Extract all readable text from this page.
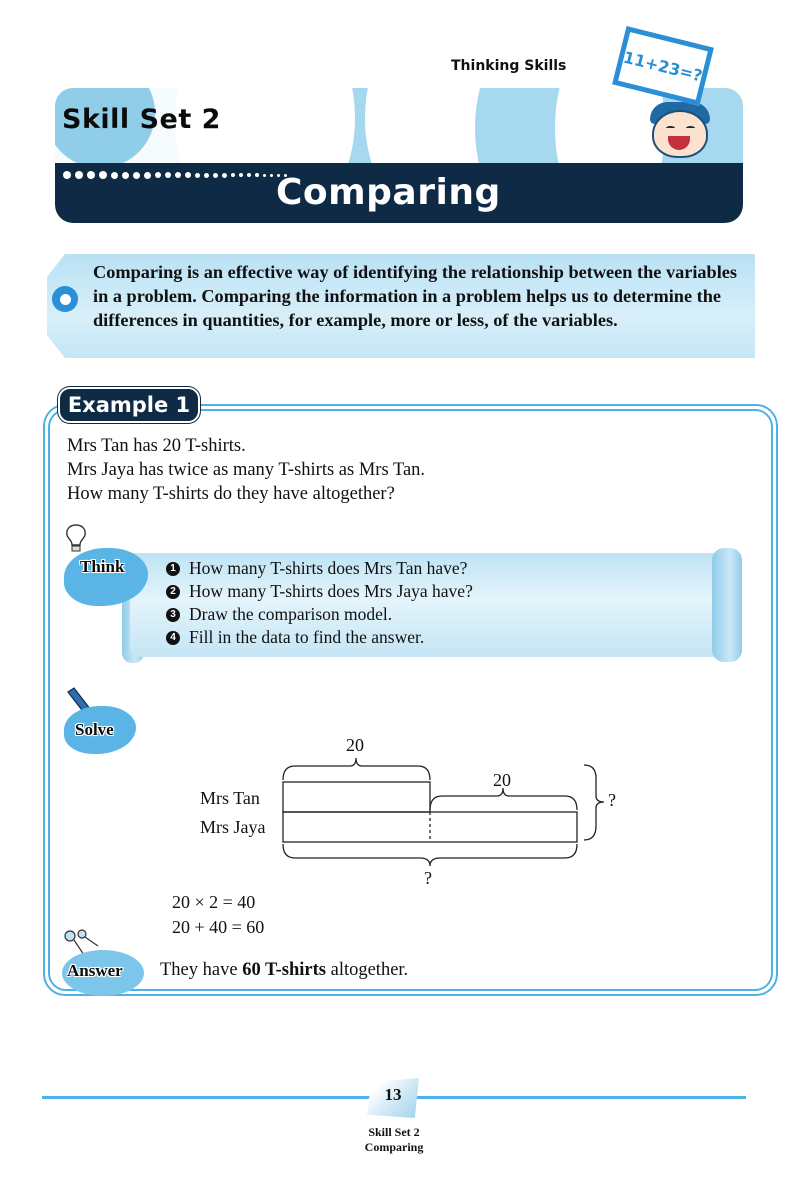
Thinking Skills
Skill Set 2
Comparing
11+23=?

Comparing is an effective way of identifying the relationship between the variables in a problem. Comparing the information in a problem helps us to determine the differences in quantities, for example, more or less, of the variables.

Example 1
Mrs Tan has 20 T-shirts.
Mrs Jaya has twice as many T-shirts as Mrs Tan.
How many T-shirts do they have altogether?
Think	1 How many T-shirts does Mrs Tan have?
2 How many T-shirts does Mrs Jaya have?
3 Draw the comparison model.
4 Fill in the data to find the answer.
Solve
20
20
?
?
Mrs Tan
Mrs Jaya
20 × 2 = 40
20 + 40 = 60
Answer They have 60 T-shirts altogether.
13
Skill Set 2
Comparing
